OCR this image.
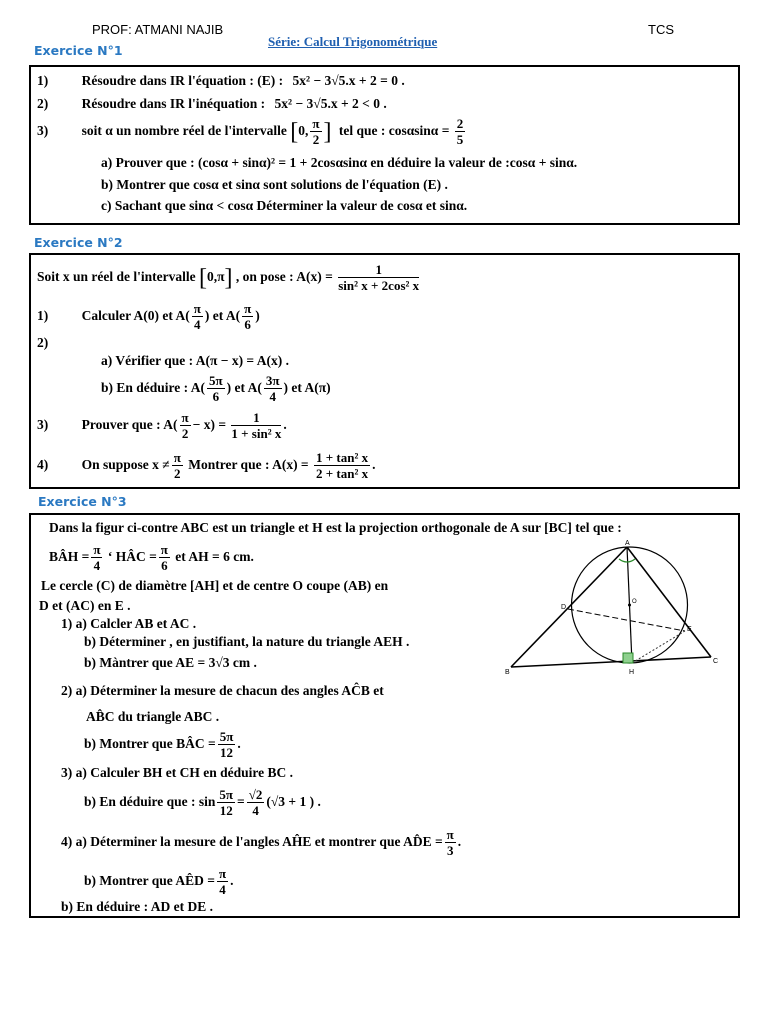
PROF: ATMANI NAJIB
Série: Calcul Trigonométrique
TCS
Exercice N°1
1) Résoudre dans IR l'équation : (E) : 5x² − 3√5.x + 2 = 0 .
2) Résoudre dans IR l'inéquation : 5x² − 3√5.x + 2 < 0 .
3) soit α un nombre réel de l'intervalle [0, $\frac{\pi}{2}$ ] tel que : $\cos\alpha\sin\alpha = \frac{2}{5}$
a) Prouver que : (cosα + sinα)² = 1 + 2cosαsinα en déduire la valeur de :cosα + sinα.
b) Montrer que cosα et sinα sont solutions de l'équation (E) .
c) Sachant que sinα < cosα Déterminer la valeur de cosα et sinα.
Exercice N°2
Soit x un réel de l'intervalle [0,π] , on pose : $A(x) = \frac{1}{\text{sin² x + 2cos² x}}$
1) Calculer A(0) et $A( \frac{\pi}{4}$ ) et $A( \frac{\pi}{6}$ )
2)
a) Vérifier que : A(π − x) = A(x) .
b) En déduire : $A( \frac{5\pi}{6}$ ) et $A( \frac{3\pi}{4}$ ) et A(π)
3) Prouver que : $A( \frac{\pi}{2} - x) = \frac{1}{\text{1 + sin² x}}$ .
4) On suppose $x \ne \frac{\pi}{2}$ Montrer que : $A(x) = \frac{\text{1 + tan² x}}{\text{2 + tan² x}}$ .
Exercice N°3
Dans la figur ci-contre ABC est un triangle et H est la projection orthogonale de A sur [BC] tel que :
BÂH = $\frac{\pi}{4}$ ‘ HÂC = $\frac{\pi}{6}$ et AH = 6 cm.
Le cercle (C) de diamètre [AH] et de centre O coupe (AB) en
D et (AC) en E .
1) a) Calcler AB et AC .
b) Déterminer , en justifiant, la nature du triangle AEH .
b) Màntrer que AE = 3√3 cm .
2) a) Déterminer la mesure de chacun des angles AĈB et
AB̂C du triangle ABC .
b) Montrer que BÂC = $\frac{5\pi}{12}$ .
3) a) Calculer BH et CH en déduire BC .
b) En déduire que : $\sin \frac{5\pi}{12} = \frac{√2}{4} (√3 + 1$ ) .
4) a) Déterminer la mesure de l'angles AĤE et montrer que AD̂E = $\frac{\pi}{3}$ .
b) Montrer que AÊD = $\frac{\pi}{4}$ .
b) En déduire : AD et DE .
A
B
C
D
E
H
O
